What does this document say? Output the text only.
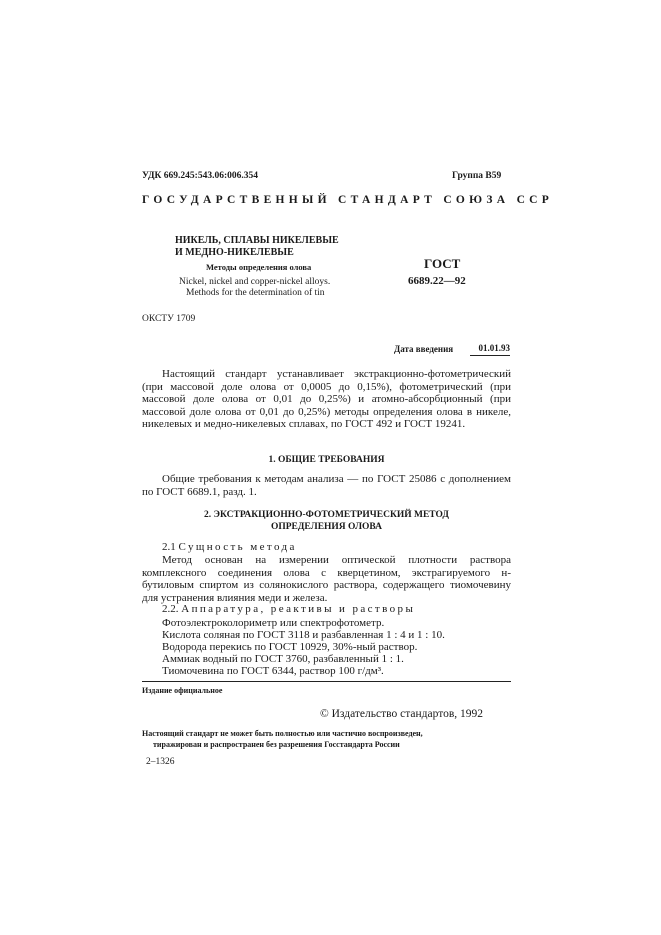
УДК 669.245:543.06:006.354	Группа В59
ГОСУДАРСТВЕННЫЙ СТАНДАРТ СОЮЗА ССР
НИКЕЛЬ, СПЛАВЫ НИКЕЛЕВЫЕ
И МЕДНО-НИКЕЛЕВЫЕ
Методы определения олова
Nickel, nickel and copper-nickel alloys.
Methods for the determination of tin
ГОСТ
6689.22—92
ОКСТУ 1709
Дата введения	01.01.93
Настоящий стандарт устанавливает экстракционно-фотометрический (при массовой доле олова от 0,0005 до 0,15%), фотометрический (при массовой доле олова от 0,01 до 0,25%) и атомно-абсорбционный (при массовой доле олова от 0,01 до 0,25%) методы определения олова в никеле, никелевых и медно-никелевых сплавах, по ГОСТ 492 и ГОСТ 19241.
1. ОБЩИЕ ТРЕБОВАНИЯ
Общие требования к методам анализа — по ГОСТ 25086 с дополнением по ГОСТ 6689.1, разд. 1.
2. ЭКСТРАКЦИОННО-ФОТОМЕТРИЧЕСКИЙ МЕТОД
ОПРЕДЕЛЕНИЯ ОЛОВА
2.1 Сущность метода
Метод основан на измерении оптической плотности раствора комплексного соединения олова с кверцетином, экстрагируемого н-бутиловым спиртом из солянокислого раствора, содержащего тиомочевину для устранения влияния меди и железа.
2.2. Аппаратура, реактивы и растворы
Фотоэлектроколориметр или спектрофотометр.
Кислота соляная по ГОСТ 3118 и разбавленная 1 : 4 и 1 : 10.
Водорода перекись по ГОСТ 10929, 30%-ный раствор.
Аммиак водный по ГОСТ 3760, разбавленный 1 : 1.
Тиомочевина по ГОСТ 6344, раствор 100 г/дм³.
Издание официальное
© Издательство стандартов, 1992
Настоящий стандарт не может быть полностью или частично воспроизведен,
тиражирован и распространен без разрешения Госстандарта России
2–1326
